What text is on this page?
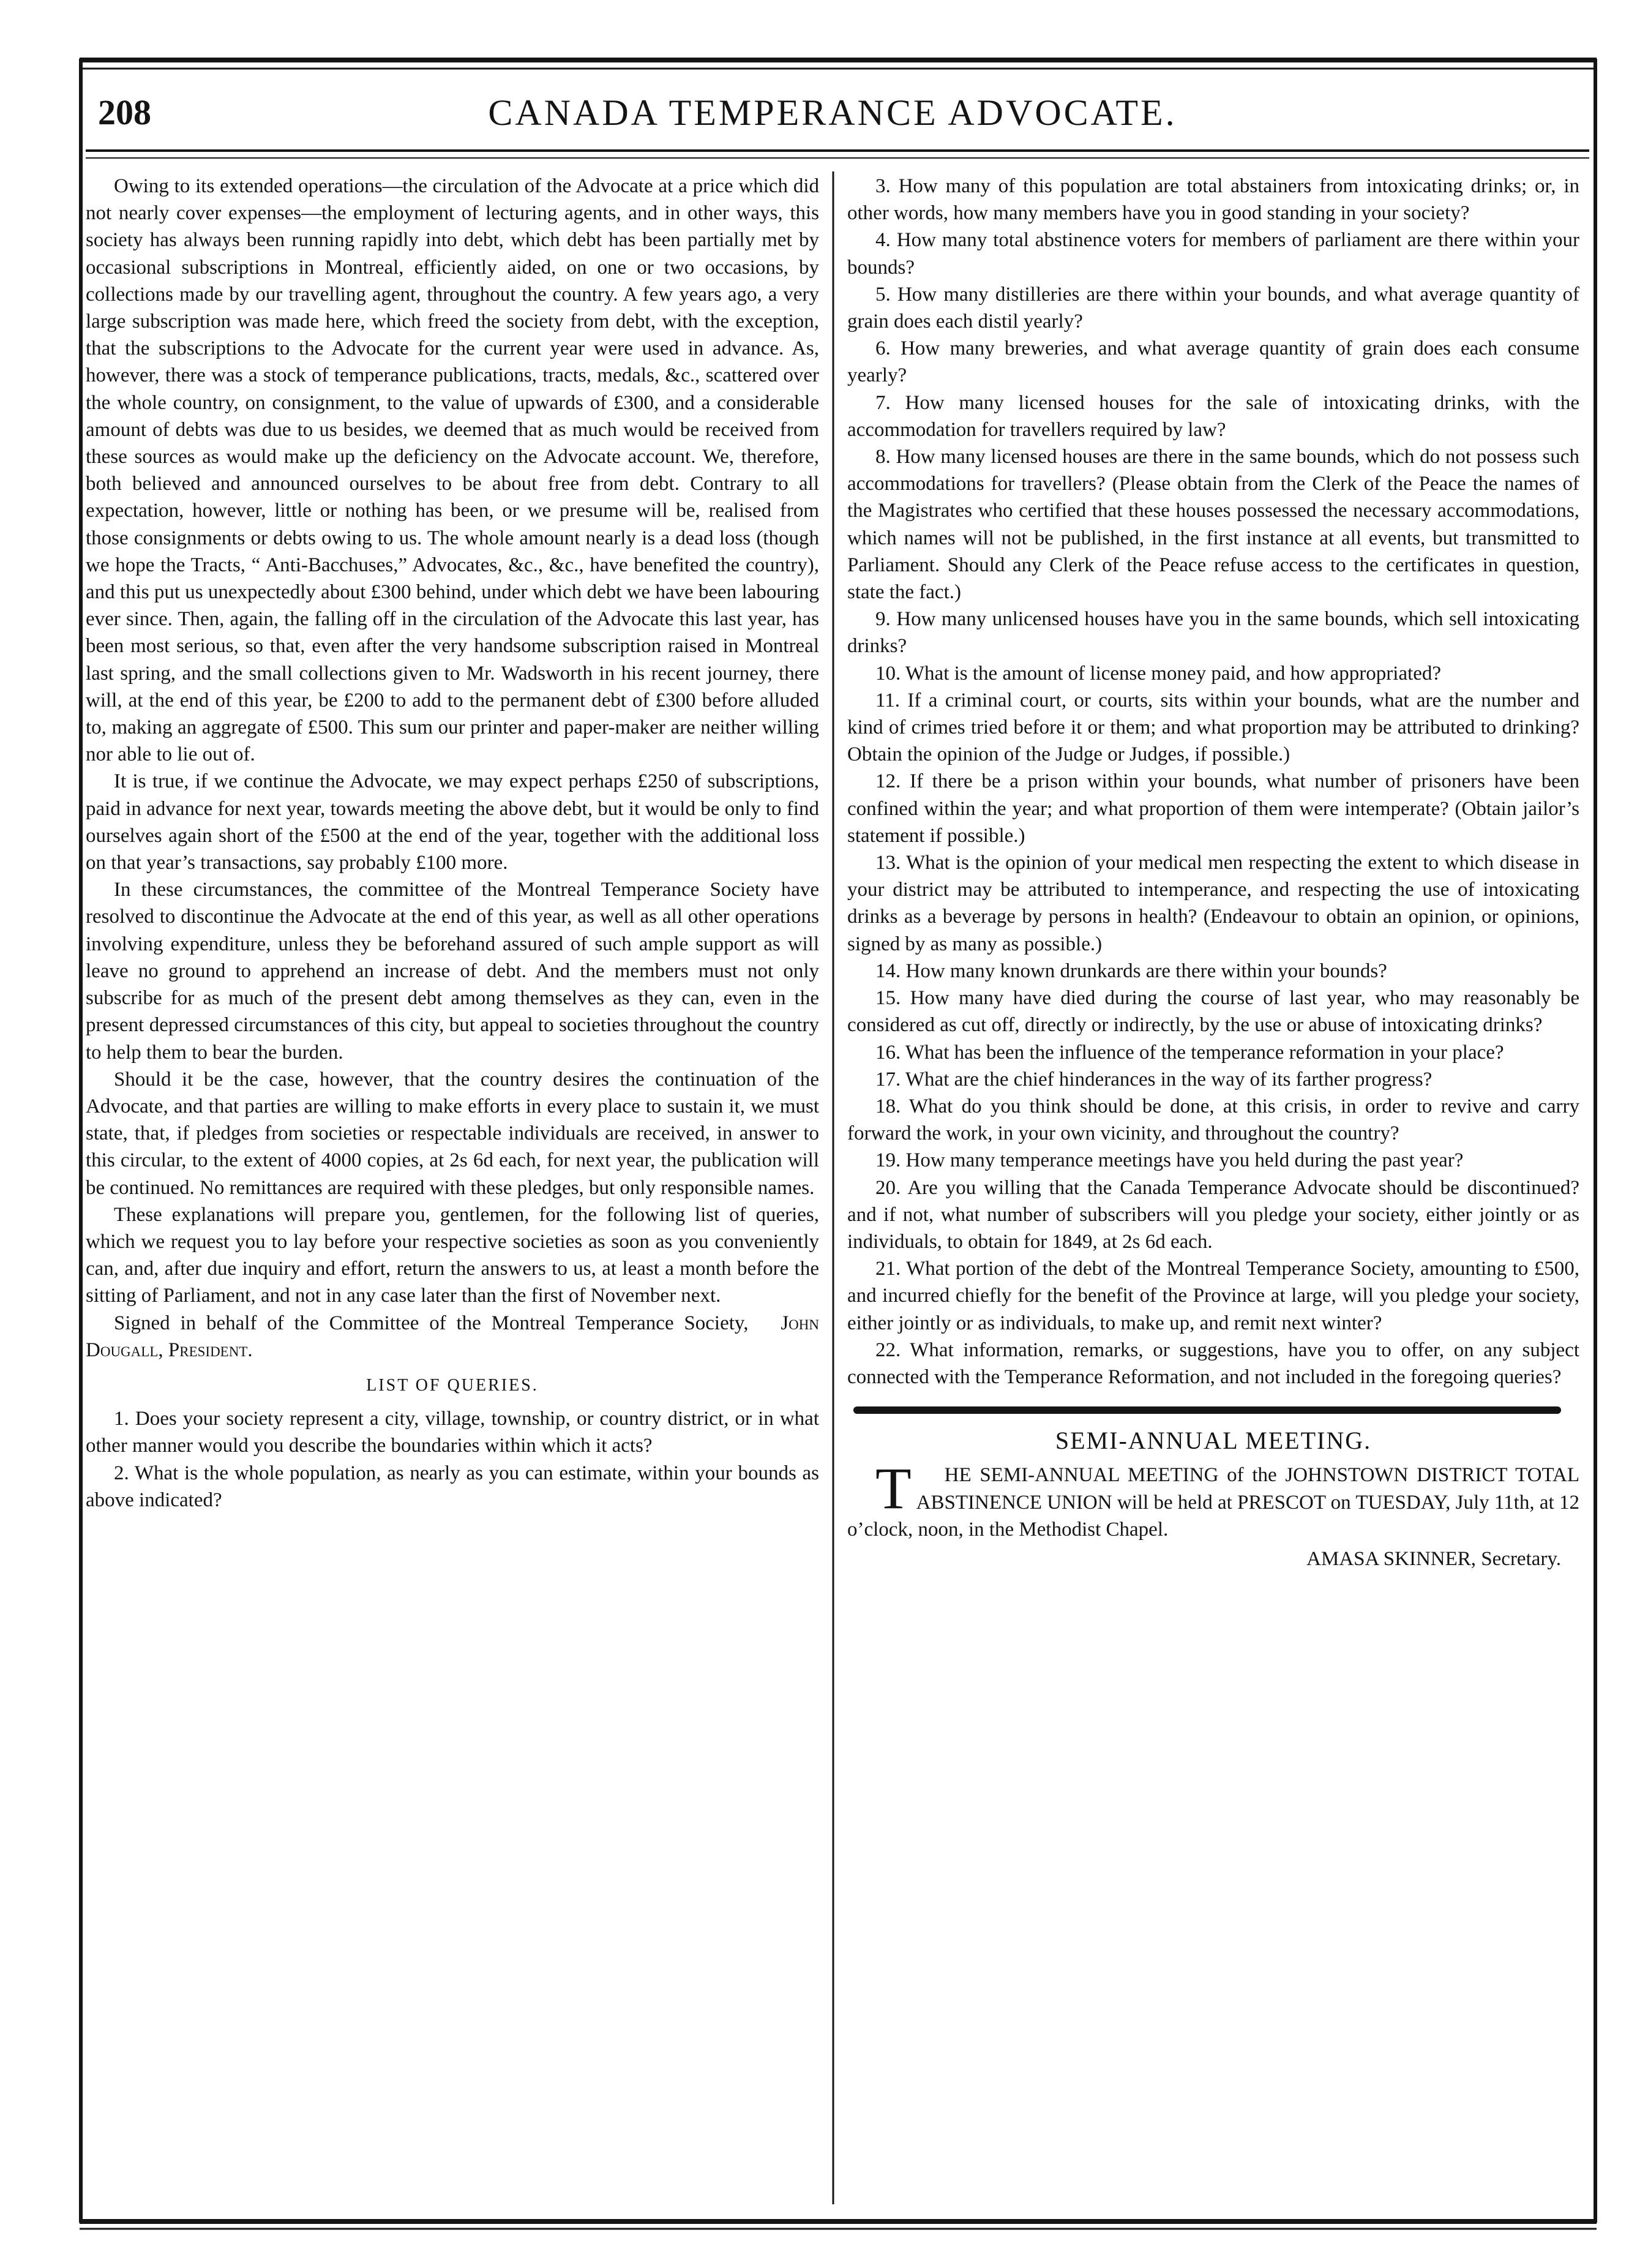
208	CANADA TEMPERANCE ADVOCATE.

Owing to its extended operations—the circulation of the Advocate at a price which did not nearly cover expenses—the employment of lecturing agents, and in other ways, this society has always been running rapidly into debt, which debt has been partially met by occasional subscriptions in Montreal, efficiently aided, on one or two occasions, by collections made by our travelling agent, throughout the country. A few years ago, a very large subscription was made here, which freed the society from debt, with the exception, that the subscriptions to the Advocate for the current year were used in advance. As, however, there was a stock of temperance publications, tracts, medals, &c., scattered over the whole country, on consignment, to the value of upwards of £300, and a considerable amount of debts was due to us besides, we deemed that as much would be received from these sources as would make up the deficiency on the Advocate account. We, therefore, both believed and announced ourselves to be about free from debt. Contrary to all expectation, however, little or nothing has been, or we presume will be, realised from those consignments or debts owing to us. The whole amount nearly is a dead loss (though we hope the Tracts, “ Anti-Bacchuses,” Advocates, &c., &c., have benefited the country), and this put us unexpectedly about £300 behind, under which debt we have been labouring ever since. Then, again, the falling off in the circulation of the Advocate this last year, has been most serious, so that, even after the very handsome subscription raised in Montreal last spring, and the small collections given to Mr. Wadsworth in his recent journey, there will, at the end of this year, be £200 to add to the permanent debt of £300 before alluded to, making an aggregate of £500. This sum our printer and paper-maker are neither willing nor able to lie out of.

It is true, if we continue the Advocate, we may expect perhaps £250 of subscriptions, paid in advance for next year, towards meeting the above debt, but it would be only to find ourselves again short of the £500 at the end of the year, together with the additional loss on that year’s transactions, say probably £100 more.

In these circumstances, the committee of the Montreal Temperance Society have resolved to discontinue the Advocate at the end of this year, as well as all other operations involving expenditure, unless they be beforehand assured of such ample support as will leave no ground to apprehend an increase of debt. And the members must not only subscribe for as much of the present debt among themselves as they can, even in the present depressed circumstances of this city, but appeal to societies throughout the country to help them to bear the burden.

Should it be the case, however, that the country desires the continuation of the Advocate, and that parties are willing to make efforts in every place to sustain it, we must state, that, if pledges from societies or respectable individuals are received, in answer to this circular, to the extent of 4000 copies, at 2s 6d each, for next year, the publication will be continued. No remittances are required with these pledges, but only responsible names.

These explanations will prepare you, gentlemen, for the following list of queries, which we request you to lay before your respective societies as soon as you conveniently can, and, after due inquiry and effort, return the answers to us, at least a month before the sitting of Parliament, and not in any case later than the first of November next.

Signed in behalf of the Committee of the Montreal Temperance Society, John Dougall, President.

LIST OF QUERIES.

1. Does your society represent a city, village, township, or country district, or in what other manner would you describe the boundaries within which it acts?

2. What is the whole population, as nearly as you can estimate, within your bounds as above indicated?

3. How many of this population are total abstainers from intoxicating drinks; or, in other words, how many members have you in good standing in your society?

4. How many total abstinence voters for members of parliament are there within your bounds?

5. How many distilleries are there within your bounds, and what average quantity of grain does each distil yearly?

6. How many breweries, and what average quantity of grain does each consume yearly?

7. How many licensed houses for the sale of intoxicating drinks, with the accommodation for travellers required by law?

8. How many licensed houses are there in the same bounds, which do not possess such accommodations for travellers? (Please obtain from the Clerk of the Peace the names of the Magistrates who certified that these houses possessed the necessary accommodations, which names will not be published, in the first instance at all events, but transmitted to Parliament. Should any Clerk of the Peace refuse access to the certificates in question, state the fact.)

9. How many unlicensed houses have you in the same bounds, which sell intoxicating drinks?

10. What is the amount of license money paid, and how appropriated?

11. If a criminal court, or courts, sits within your bounds, what are the number and kind of crimes tried before it or them; and what proportion may be attributed to drinking? Obtain the opinion of the Judge or Judges, if possible.)

12. If there be a prison within your bounds, what number of prisoners have been confined within the year; and what proportion of them were intemperate? (Obtain jailor’s statement if possible.)

13. What is the opinion of your medical men respecting the extent to which disease in your district may be attributed to intemperance, and respecting the use of intoxicating drinks as a beverage by persons in health? (Endeavour to obtain an opinion, or opinions, signed by as many as possible.)

14. How many known drunkards are there within your bounds?

15. How many have died during the course of last year, who may reasonably be considered as cut off, directly or indirectly, by the use or abuse of intoxicating drinks?

16. What has been the influence of the temperance reformation in your place?

17. What are the chief hinderances in the way of its farther progress?

18. What do you think should be done, at this crisis, in order to revive and carry forward the work, in your own vicinity, and throughout the country?

19. How many temperance meetings have you held during the past year?

20. Are you willing that the Canada Temperance Advocate should be discontinued? and if not, what number of subscribers will you pledge your society, either jointly or as individuals, to obtain for 1849, at 2s 6d each.

21. What portion of the debt of the Montreal Temperance Society, amounting to £500, and incurred chiefly for the benefit of the Province at large, will you pledge your society, either jointly or as individuals, to make up, and remit next winter?

22. What information, remarks, or suggestions, have you to offer, on any subject connected with the Temperance Reformation, and not included in the foregoing queries?

SEMI-ANNUAL MEETING.

T HE SEMI-ANNUAL MEETING of the JOHNSTOWN DISTRICT TOTAL ABSTINENCE UNION will be held at PRESCOT on TUESDAY, July 11th, at 12 o’clock, noon, in the Methodist Chapel.

AMASA SKINNER, Secretary.
